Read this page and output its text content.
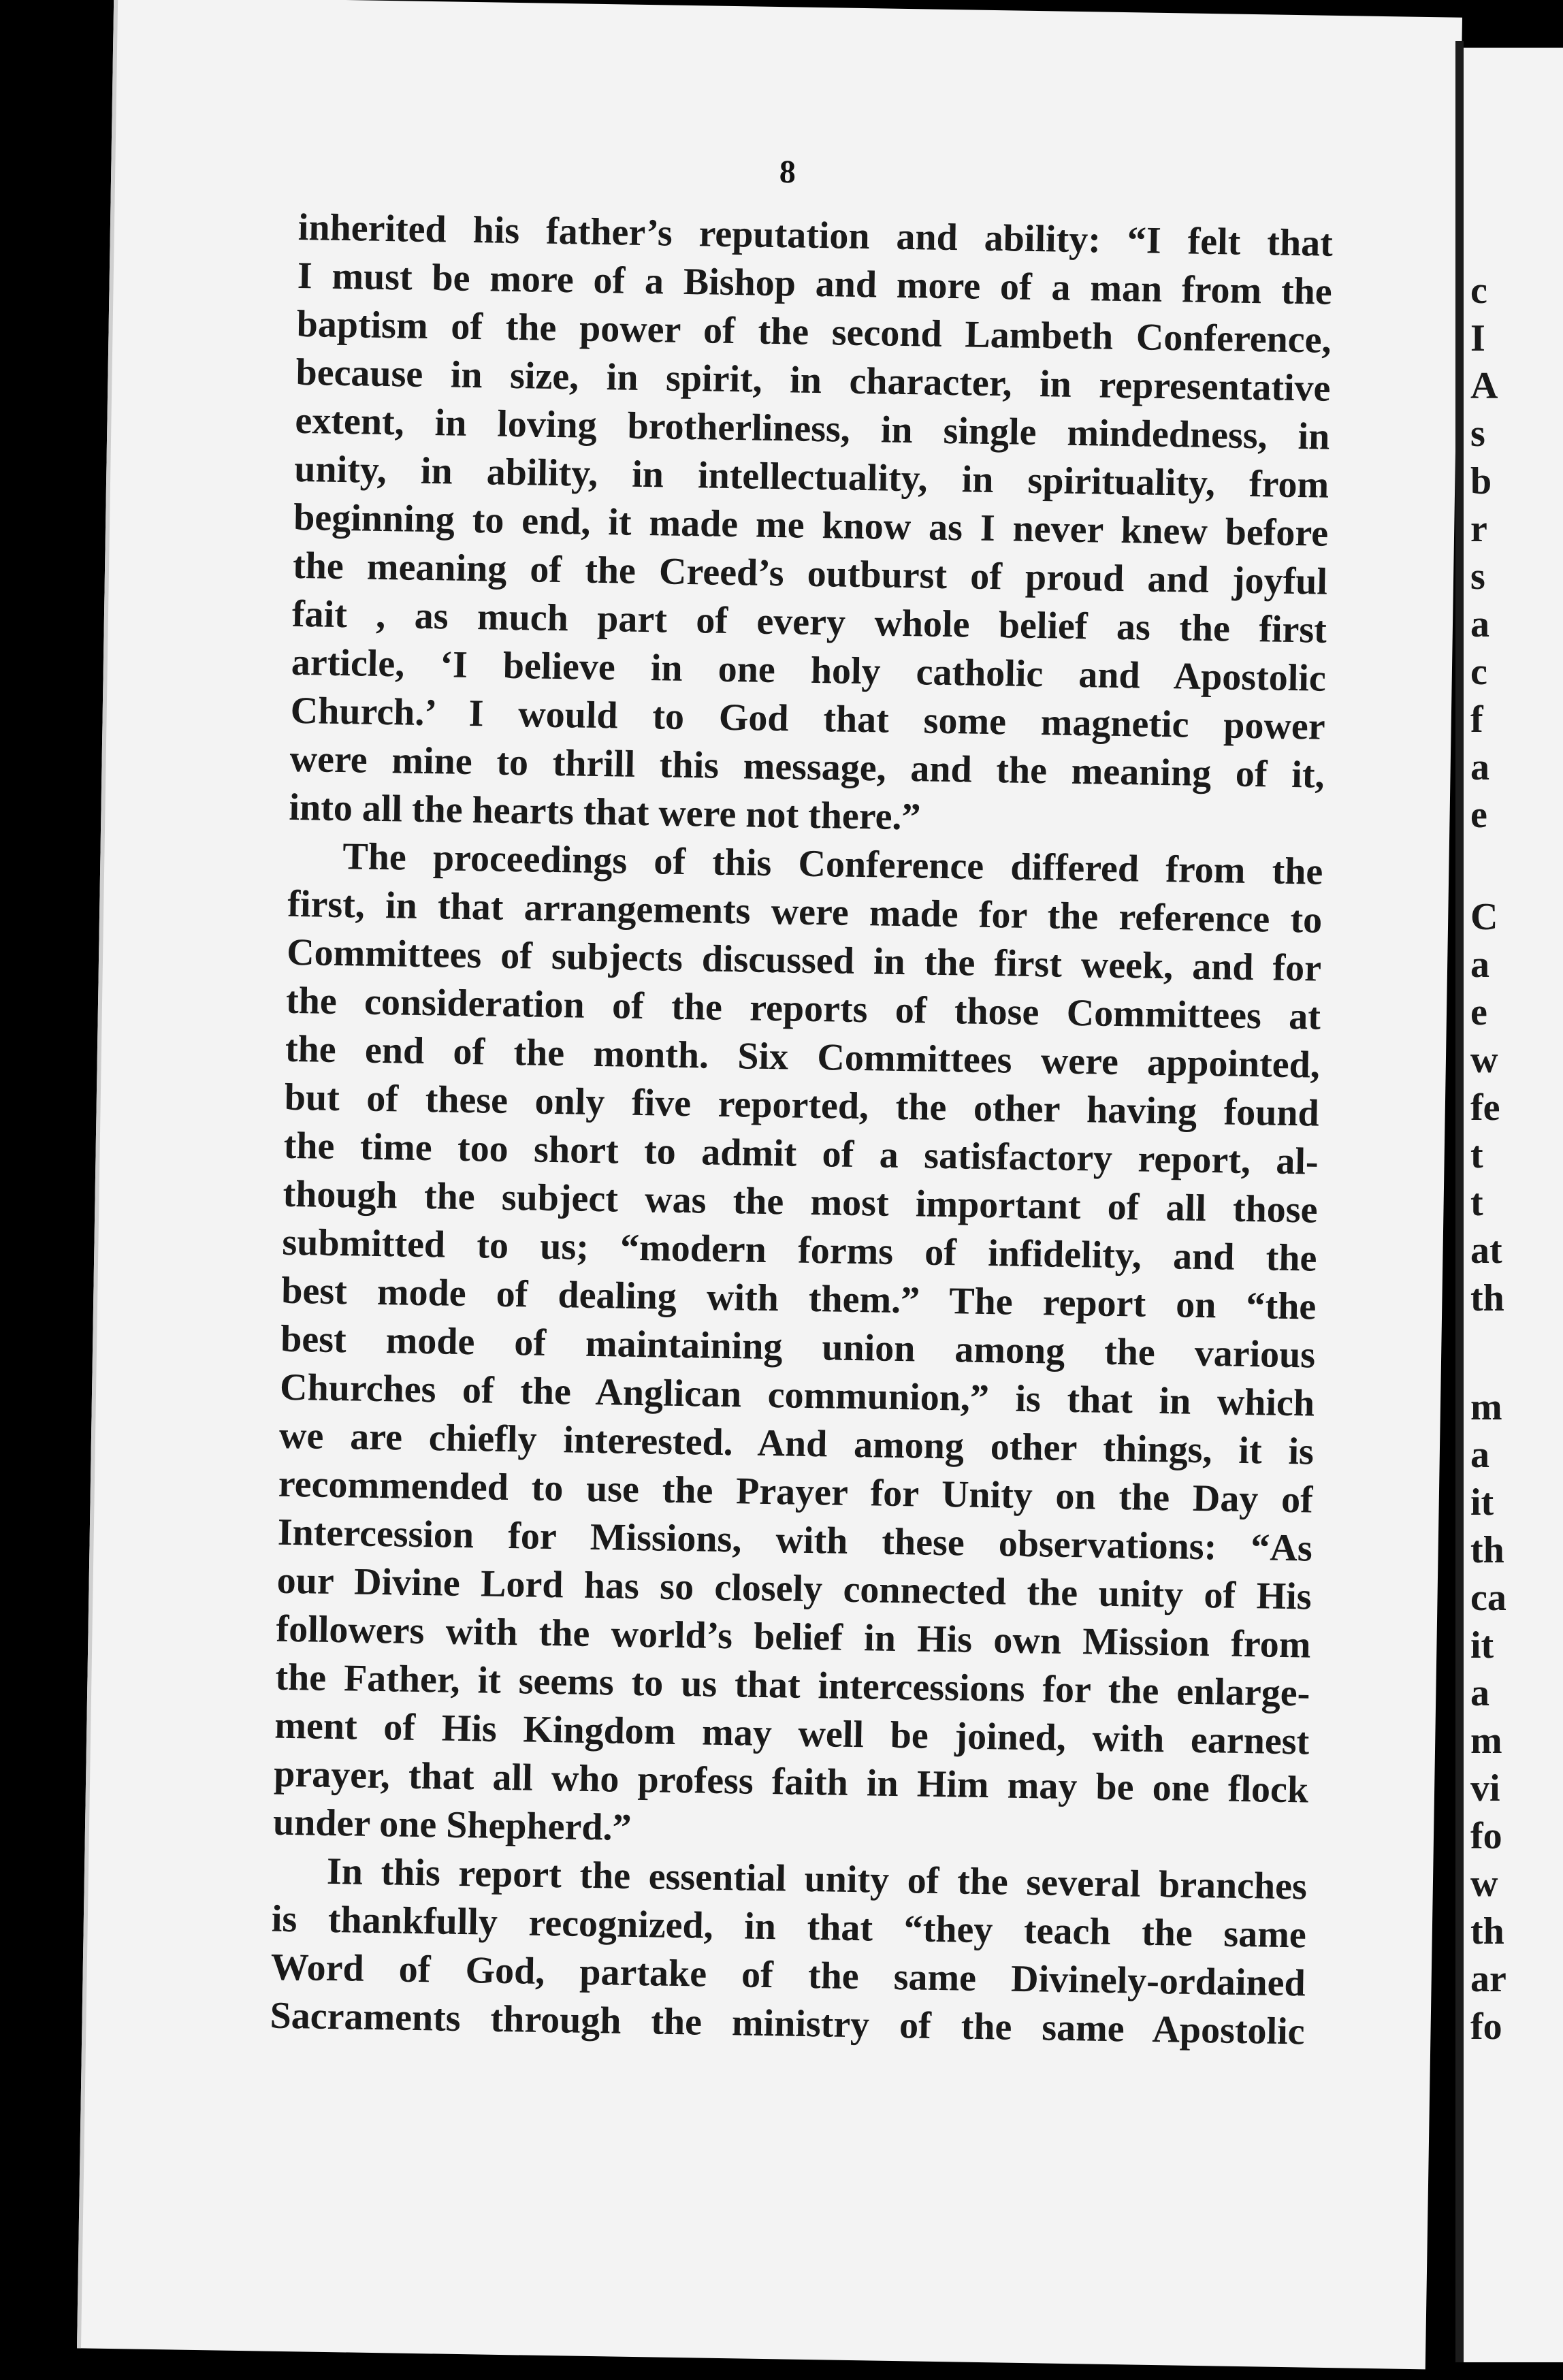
8
inherited his father’s reputation and ability: “I felt that
I must be more of a Bishop and more of a man from the
baptism of the power of the second Lambeth Conference,
because in size, in spirit, in character, in representative
extent, in loving brotherliness, in single mindedness, in
unity, in ability, in intellectuality, in spirituality, from
beginning to end, it made me know as I never knew before
the meaning of the Creed’s outburst of proud and joyful
fait , as much part of every whole belief as the first
article, ‘I believe in one holy catholic and Apostolic
Church.’ I would to God that some magnetic power
were mine to thrill this message, and the meaning of it,
into all the hearts that were not there.”
The proceedings of this Conference differed from the
first, in that arrangements were made for the reference to
Committees of subjects discussed in the first week, and for
the consideration of the reports of those Committees at
the end of the month. Six Committees were appointed,
but of these only five reported, the other having found
the time too short to admit of a satisfactory report, al-
though the subject was the most important of all those
submitted to us; “modern forms of infidelity, and the
best mode of dealing with them.” The report on “the
best mode of maintaining union among the various
Churches of the Anglican communion,” is that in which
we are chiefly interested. And among other things, it is
recommended to use the Prayer for Unity on the Day of
Intercession for Missions, with these observations: “As
our Divine Lord has so closely connected the unity of His
followers with the world’s belief in His own Mission from
the Father, it seems to us that intercessions for the enlarge-
ment of His Kingdom may well be joined, with earnest
prayer, that all who profess faith in Him may be one flock
under one Shepherd.”
In this report the essential unity of the several branches
is thankfully recognized, in that “they teach the same
Word of God, partake of the same Divinely-ordained
Sacraments through the ministry of the same Apostolic
c
I
A
s
b
r
s
a
c
f
a
e
C
a
e
w
fe
t
t
at
th
m
a
it
th
ca
it
a
m
vi
fo
w
th
ar
fo
